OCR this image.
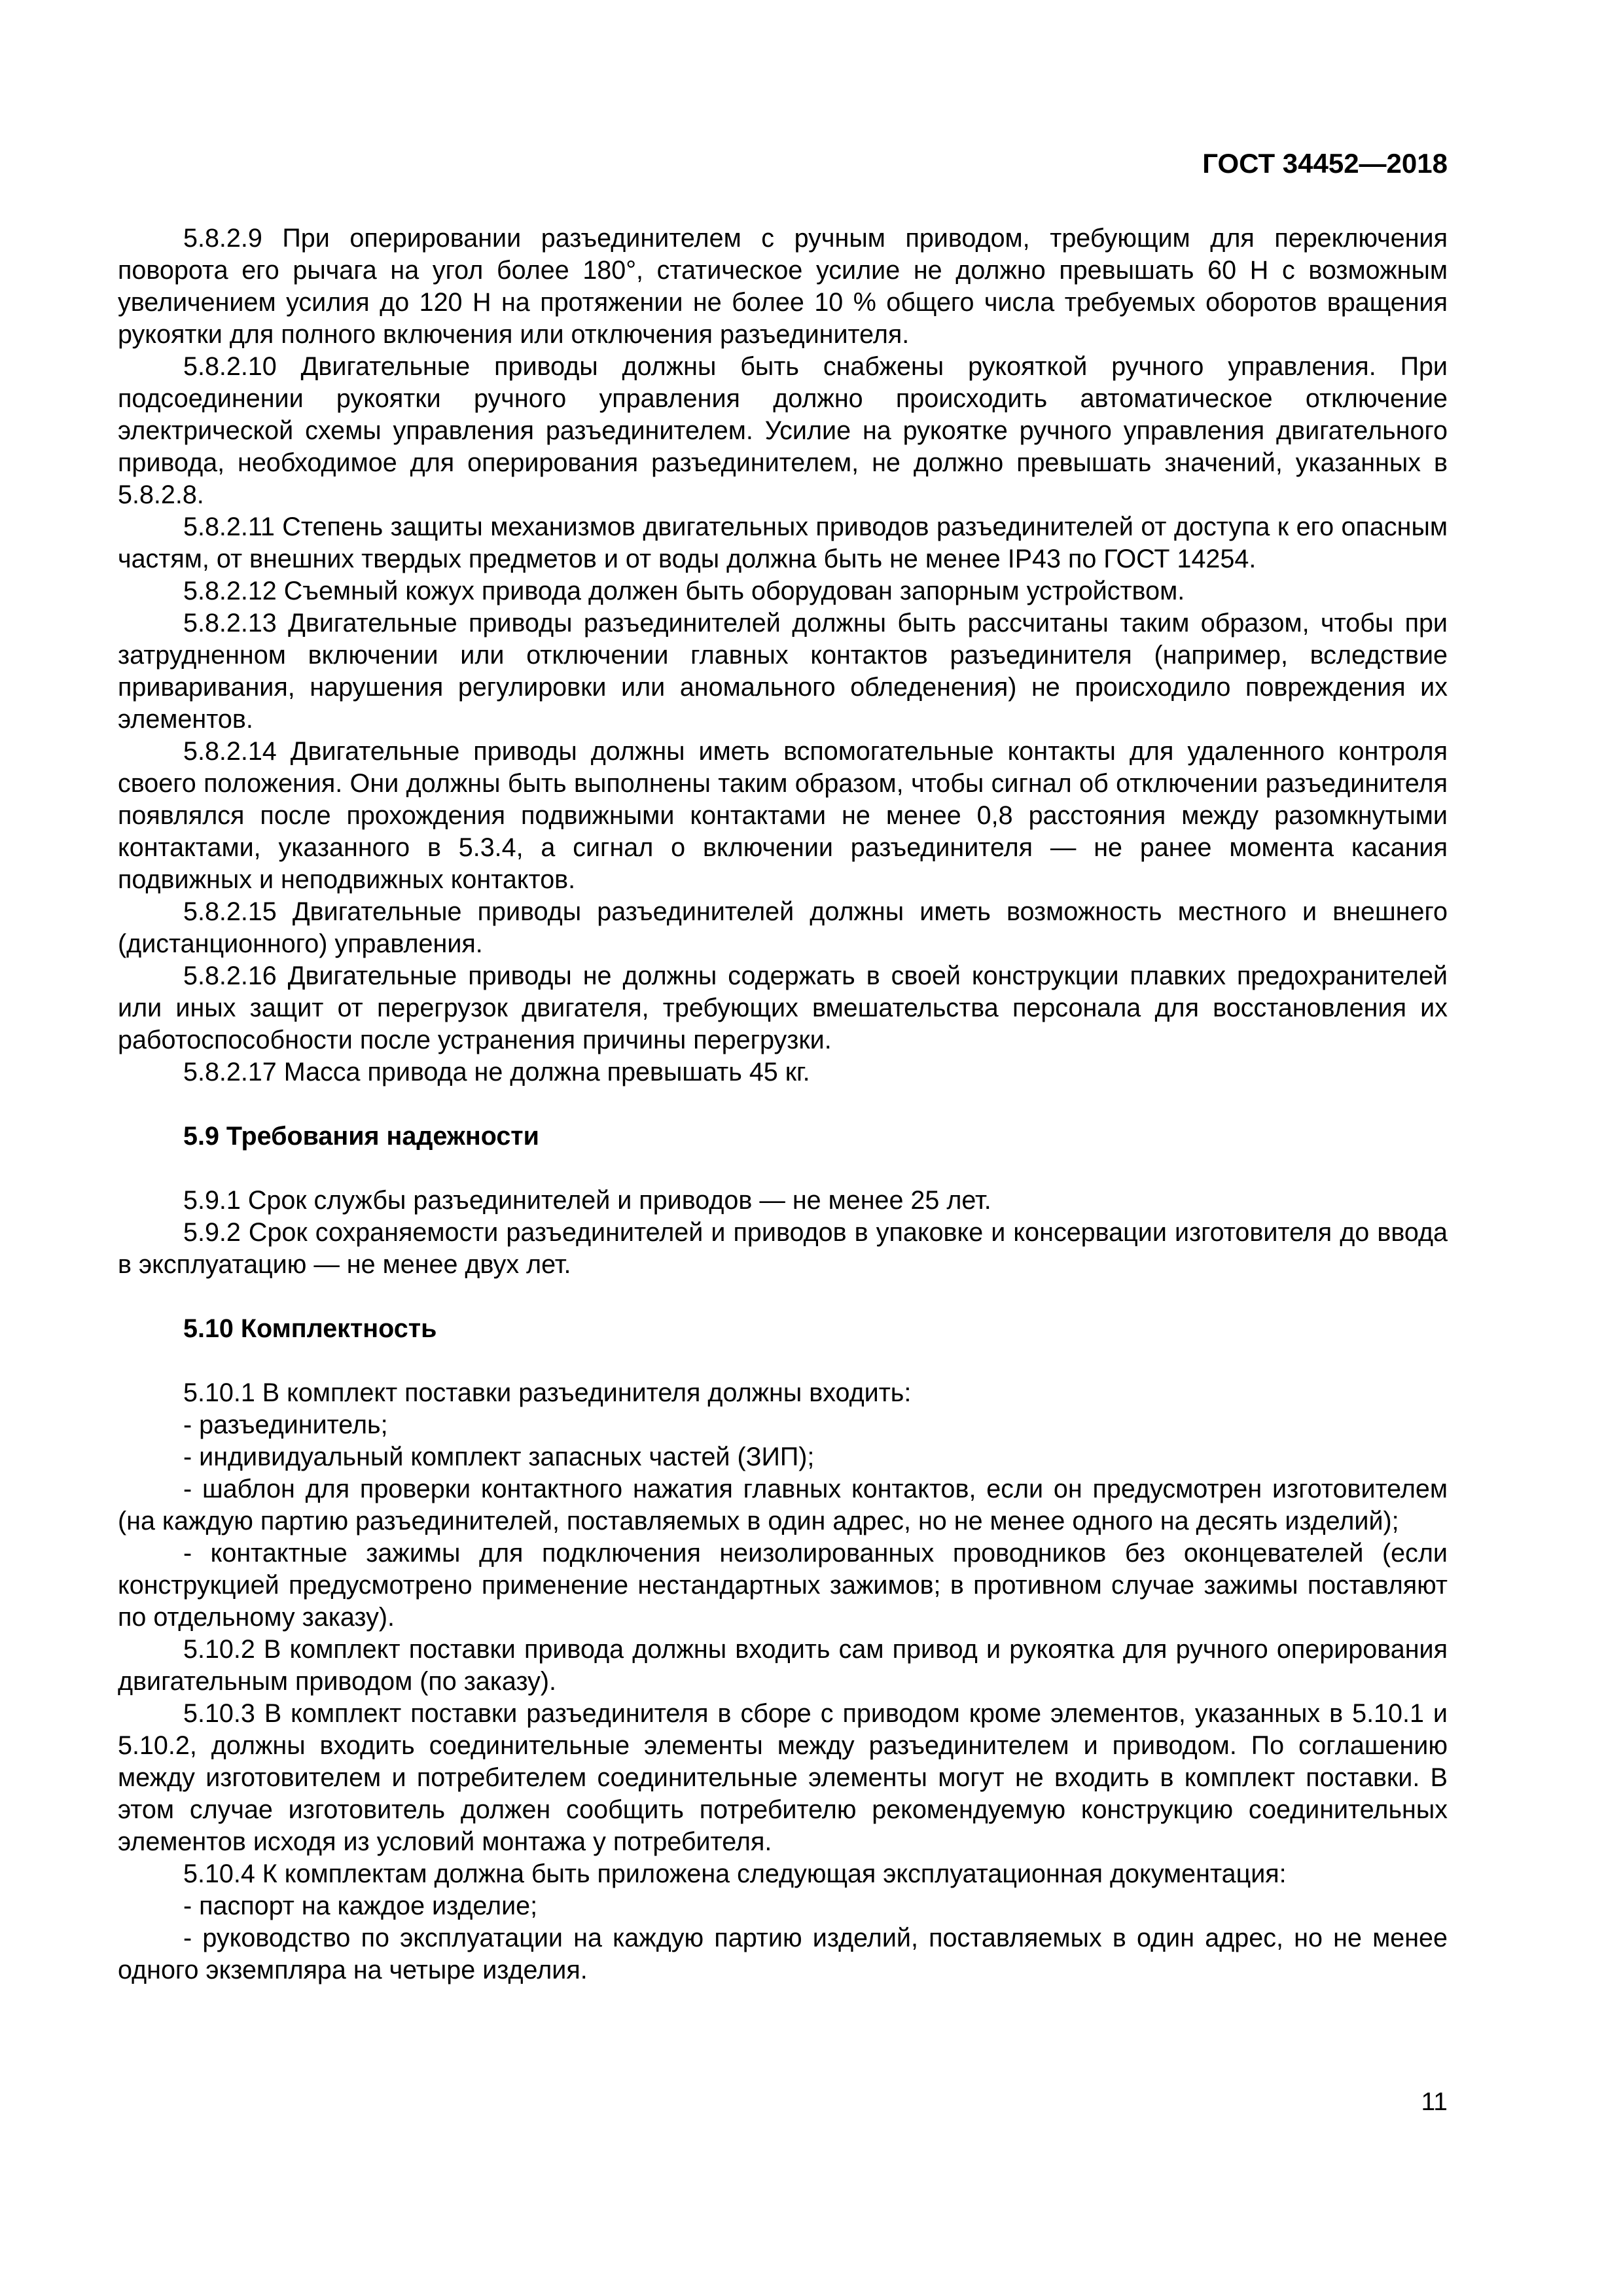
ГОСТ 34452—2018

5.8.2.9 При оперировании разъединителем с ручным приводом, требующим для переключения поворота его рычага на угол более 180°, статическое усилие не должно превышать 60 Н с возможным увеличением усилия до 120 Н на протяжении не более 10 % общего числа требуемых оборотов вращения рукоятки для полного включения или отключения разъединителя.

5.8.2.10 Двигательные приводы должны быть снабжены рукояткой ручного управления. При подсоединении рукоятки ручного управления должно происходить автоматическое отключение электрической схемы управления разъединителем. Усилие на рукоятке ручного управления двигательного привода, необходимое для оперирования разъединителем, не должно превышать значений, указанных в 5.8.2.8.

5.8.2.11 Степень защиты механизмов двигательных приводов разъединителей от доступа к его опасным частям, от внешних твердых предметов и от воды должна быть не менее IP43 по ГОСТ 14254.

5.8.2.12 Съемный кожух привода должен быть оборудован запорным устройством.

5.8.2.13 Двигательные приводы разъединителей должны быть рассчитаны таким образом, чтобы при затрудненном включении или отключении главных контактов разъединителя (например, вследствие приваривания, нарушения регулировки или аномального обледенения) не происходило повреждения их элементов.

5.8.2.14 Двигательные приводы должны иметь вспомогательные контакты для удаленного контроля своего положения. Они должны быть выполнены таким образом, чтобы сигнал об отключении разъединителя появлялся после прохождения подвижными контактами не менее 0,8 расстояния между разомкнутыми контактами, указанного в 5.3.4, а сигнал о включении разъединителя — не ранее момента касания подвижных и неподвижных контактов.

5.8.2.15 Двигательные приводы разъединителей должны иметь возможность местного и внешнего (дистанционного) управления.

5.8.2.16 Двигательные приводы не должны содержать в своей конструкции плавких предохранителей или иных защит от перегрузок двигателя, требующих вмешательства персонала для восстановления их работоспособности после устранения причины перегрузки.

5.8.2.17 Масса привода не должна превышать 45 кг.

5.9 Требования надежности

5.9.1 Срок службы разъединителей и приводов — не менее 25 лет.

5.9.2 Срок сохраняемости разъединителей и приводов в упаковке и консервации изготовителя до ввода в эксплуатацию — не менее двух лет.

5.10 Комплектность

5.10.1 В комплект поставки разъединителя должны входить:

- разъединитель;

- индивидуальный комплект запасных частей (ЗИП);

- шаблон для проверки контактного нажатия главных контактов, если он предусмотрен изготовителем (на каждую партию разъединителей, поставляемых в один адрес, но не менее одного на десять изделий);

- контактные зажимы для подключения неизолированных проводников без оконцевателей (если конструкцией предусмотрено применение нестандартных зажимов; в противном случае зажимы поставляют по отдельному заказу).

5.10.2 В комплект поставки привода должны входить сам привод и рукоятка для ручного оперирования двигательным приводом (по заказу).

5.10.3 В комплект поставки разъединителя в сборе с приводом кроме элементов, указанных в 5.10.1 и 5.10.2, должны входить соединительные элементы между разъединителем и приводом. По соглашению между изготовителем и потребителем соединительные элементы могут не входить в комплект поставки. В этом случае изготовитель должен сообщить потребителю рекомендуемую конструкцию соединительных элементов исходя из условий монтажа у потребителя.

5.10.4 К комплектам должна быть приложена следующая эксплуатационная документация:

- паспорт на каждое изделие;

- руководство по эксплуатации на каждую партию изделий, поставляемых в один адрес, но не менее одного экземпляра на четыре изделия.

11
